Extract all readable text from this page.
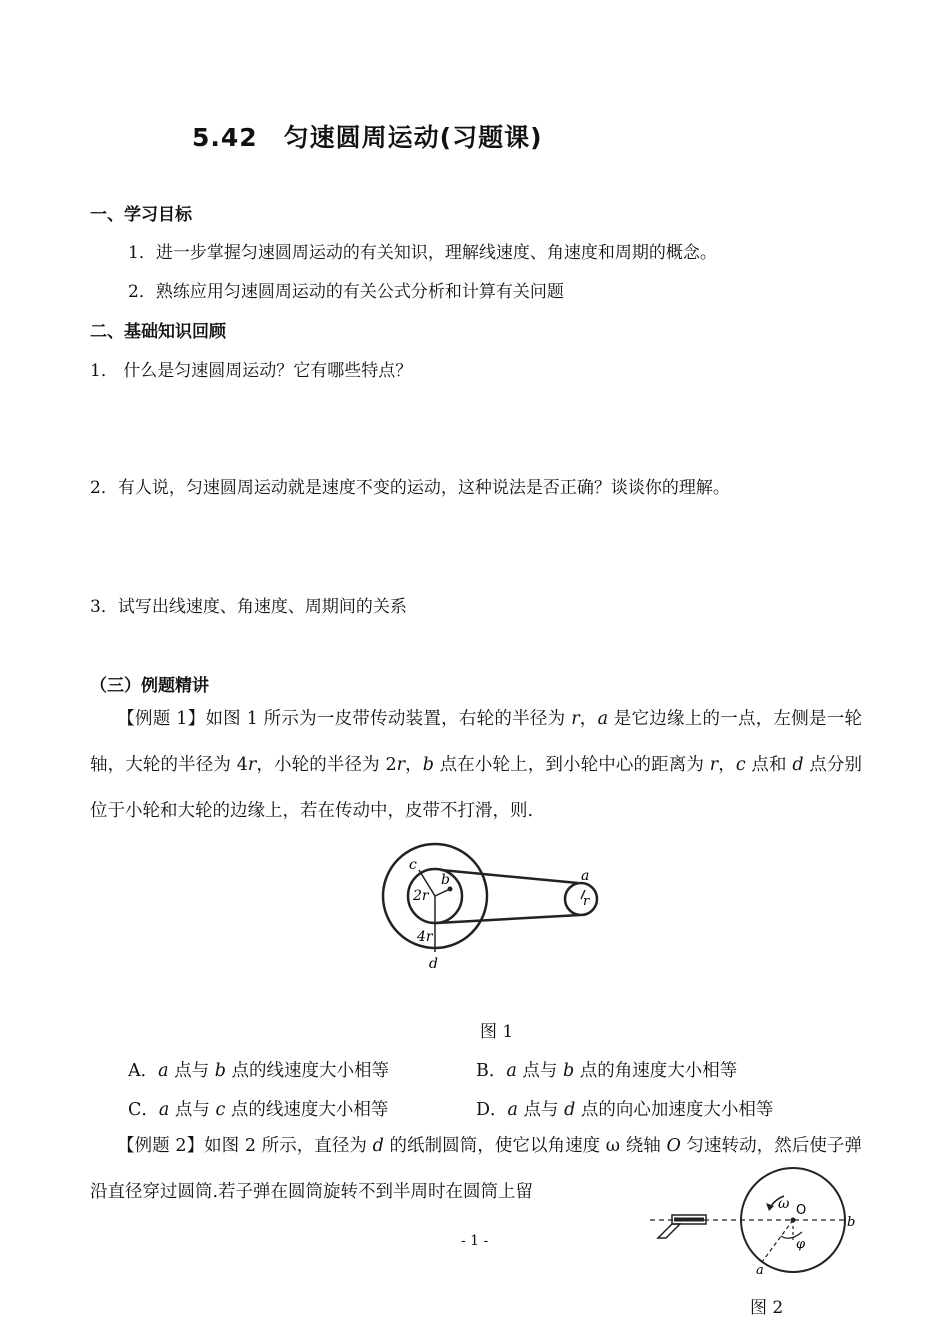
5.42　匀速圆周运动(习题课)
一、学习目标
1．进一步掌握匀速圆周运动的有关知识，理解线速度、角速度和周期的概念。
2．熟练应用匀速圆周运动的有关公式分析和计算有关问题
二、基础知识回顾
1． 什么是匀速圆周运动？它有哪些特点？
2．有人说，匀速圆周运动就是速度不变的运动，这种说法是否正确？谈谈你的理解。
3．试写出线速度、角速度、周期间的关系
（三）例题精讲
【例题 1】如图 1 所示为一皮带传动装置，右轮的半径为 r，a 是它边缘上的一点，左侧是一轮轴，大轮的半径为 4r，小轮的半径为 2r，b 点在小轮上，到小轮中心的距离为 r，c 点和 d 点分别位于小轮和大轮的边缘上，若在传动中，皮带不打滑，则.
c
b
2r
4r
d
a
r
图 1
A．a 点与 b 点的线速度大小相等	B．a 点与 b 点的角速度大小相等
C．a 点与 c 点的线速度大小相等	D．a 点与 d 点的向心加速度大小相等
【例题 2】如图 2 所示，直径为 d 的纸制圆筒，使它以角速度 ω 绕轴 O 匀速转动，然后使子弹沿直径穿过圆筒.若子弹在圆筒旋转不到半周时在圆筒上留
ω O
φ
a
b
图 2
- 1 -
